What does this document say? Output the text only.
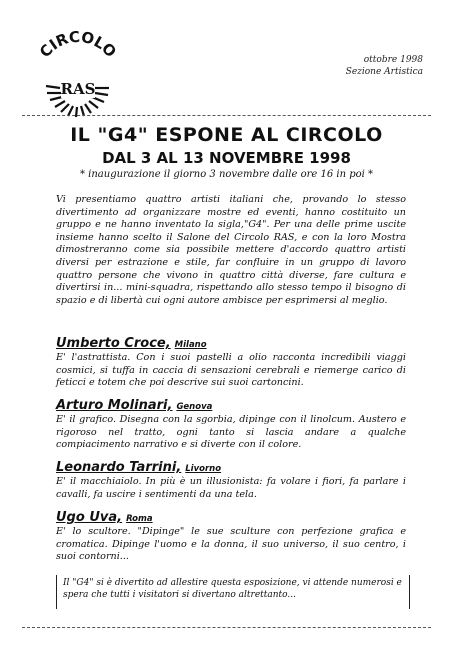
CIRCOLO
RAS
ottobre 1998
Sezione Artistica
IL "G4" ESPONE AL CIRCOLO
DAL 3 AL 13 NOVEMBRE 1998
* inaugurazione il giorno 3 novembre dalle ore 16 in poi *
Vi presentiamo quattro artisti italiani che, provando lo stesso divertimento ad organizzare mostre ed eventi, hanno costituito un gruppo e ne hanno inventato la sigla,"G4". Per una delle prime uscite insieme hanno scelto il Salone del Circolo RAS, e con la loro Mostra dimostreranno come sia possibile mettere d'accordo quattro artisti diversi per estrazione e stile, far confluire in un gruppo di lavoro quattro persone che vivono in quattro città diverse, fare cultura e divertirsi in... mini-squadra, rispettando allo stesso tempo il bisogno di spazio e di libertà cui ogni autore ambisce per esprimersi al meglio.
Umberto Croce, Milano
E' l'astrattista. Con i suoi pastelli a olio racconta incredibili viaggi cosmici, si tuffa in caccia di sensazioni cerebrali e riemerge carico di feticci e totem che poi descrive sui suoi cartoncini.
Arturo Molinari, Genova
E' il grafico. Disegna con la sgorbia, dipinge con il linolcum. Austero e rigoroso nel tratto, ogni tanto si lascia andare a qualche compiacimento narrativo e si diverte con il colore.
Leonardo Tarrini, Livorno
E' il macchiaiolo. In più è un illusionista: fa volare i fiori, fa parlare i cavalli, fa uscire i sentimenti da una tela.
Ugo Uva, Roma
E' lo scultore. "Dipinge" le sue sculture con perfezione grafica e cromatica. Dipinge l'uomo e la donna, il suo universo, il suo centro, i suoi contorni...
Il "G4" si è divertito ad allestire questa esposizione, vi attende numerosi e spera che tutti i visitatori si divertano altrettanto...
